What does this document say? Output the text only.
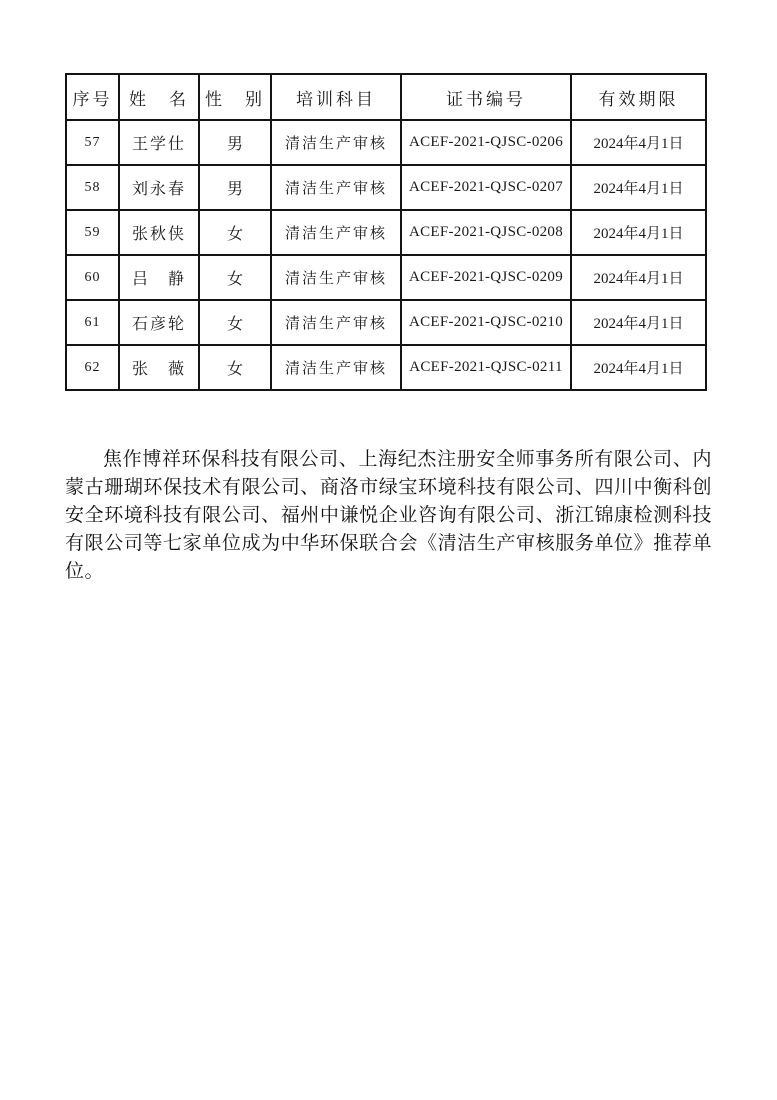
序号	姓　名	性　别	培训科目	证书编号	有效期限
57	王学仕	男	清洁生产审核	ACEF-2021-QJSC-0206	2024年4月1日
58	刘永春	男	清洁生产审核	ACEF-2021-QJSC-0207	2024年4月1日
59	张秋侠	女	清洁生产审核	ACEF-2021-QJSC-0208	2024年4月1日
60	吕　静	女	清洁生产审核	ACEF-2021-QJSC-0209	2024年4月1日
61	石彦轮	女	清洁生产审核	ACEF-2021-QJSC-0210	2024年4月1日
62	张　薇	女	清洁生产审核	ACEF-2021-QJSC-0211	2024年4月1日

焦作博祥环保科技有限公司、上海纪杰注册安全师事务所有限公司、内蒙古珊瑚环保技术有限公司、商洛市绿宝环境科技有限公司、四川中衡科创安全环境科技有限公司、福州中谦悦企业咨询有限公司、浙江锦康检测科技有限公司等七家单位成为中华环保联合会《清洁生产审核服务单位》推荐单位。
